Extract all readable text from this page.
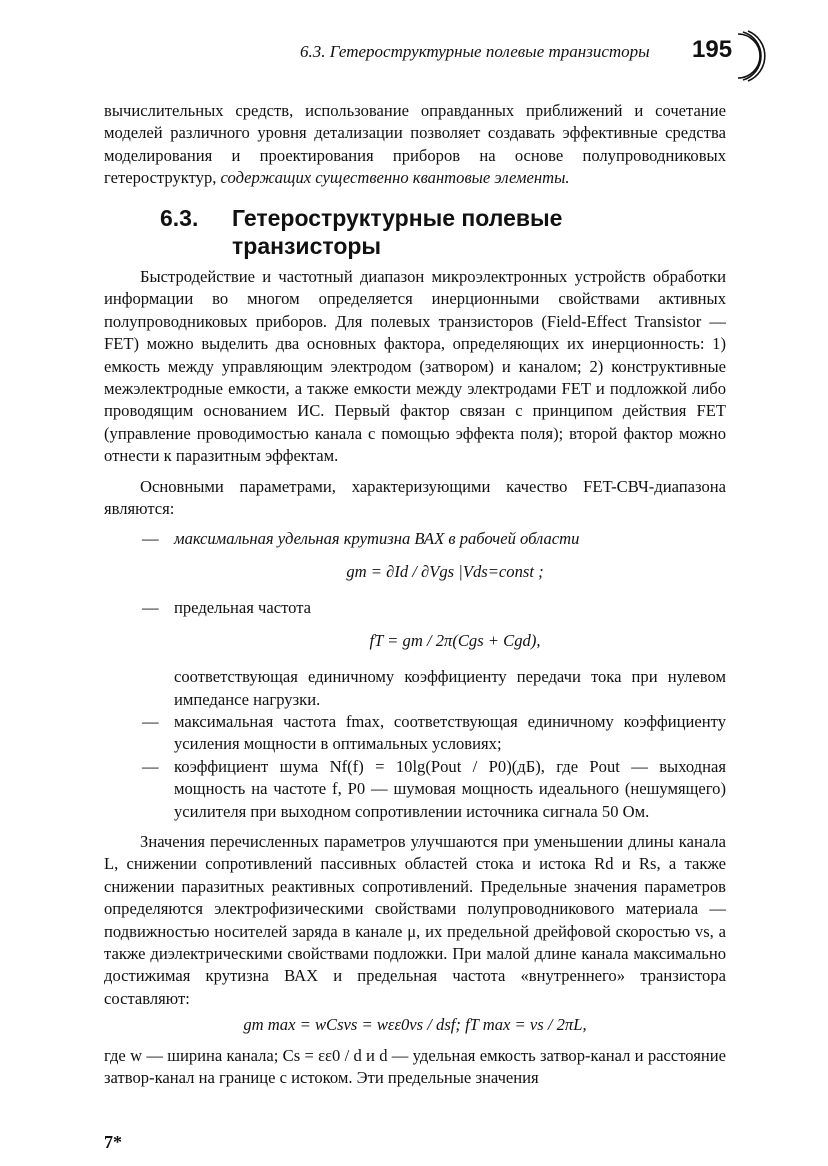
6.3. Гетероструктурные полевые транзисторы 195

вычислительных средств, использование оправданных приближений и сочетание моделей различного уровня детализации позволяет создавать эффективные средства моделирования и проектирования приборов на основе полупроводниковых гетероструктур, содержащих существенно квантовые элементы.

6.3. Гетероструктурные полевые
транзисторы

Быстродействие и частотный диапазон микроэлектронных устройств обработки информации во многом определяется инерционными свойствами активных полупроводниковых приборов. Для полевых транзисторов (Field-Effect Transistor — FET) можно выделить два основных фактора, определяющих их инерционность: 1) емкость между управляющим электродом (затвором) и каналом; 2) конструктивные межэлектродные емкости, а также емкости между электродами FET и подложкой либо проводящим основанием ИС. Первый фактор связан с принципом действия FET (управление проводимостью канала с помощью эффекта поля); второй фактор можно отнести к паразитным эффектам.

Основными параметрами, характеризующими качество FET-СВЧ-диапазона являются:

— максимальная удельная крутизна ВАХ в рабочей области
gm = ∂Id / ∂Vgs |Vds=const ;
— предельная частота
fT = gm / 2π(Cgs + Cgd),

соответствующая единичному коэффициенту передачи тока при нулевом импедансе нагрузки.

— максимальная частота fmax, соответствующая единичному коэффициенту усиления мощности в оптимальных условиях;
— коэффициент шума Nf(f) = 10lg(Pout / P0)(дБ), где Pout — выходная мощность на частоте f, P0 — шумовая мощность идеального (нешумящего) усилителя при выходном сопротивлении источника сигнала 50 Ом.

Значения перечисленных параметров улучшаются при уменьшении длины канала L, снижении сопротивлений пассивных областей стока и истока Rd и Rs, а также снижении паразитных реактивных сопротивлений. Предельные значения параметров определяются электрофизическими свойствами полупроводникового материала — подвижностью носителей заряда в канале μ, их предельной дрейфовой скоростью vs, а также диэлектрическими свойствами подложки. При малой длине канала максимально достижимая крутизна ВАХ и предельная частота «внутреннего» транзистора составляют:

gm max = wCsvs = wεε0vs / dsf; fT max = vs / 2πL,

где w — ширина канала; Cs = εε0 / d и d — удельная емкость затвор-канал и расстояние затвор-канал на границе с истоком. Эти предельные значения

7*
